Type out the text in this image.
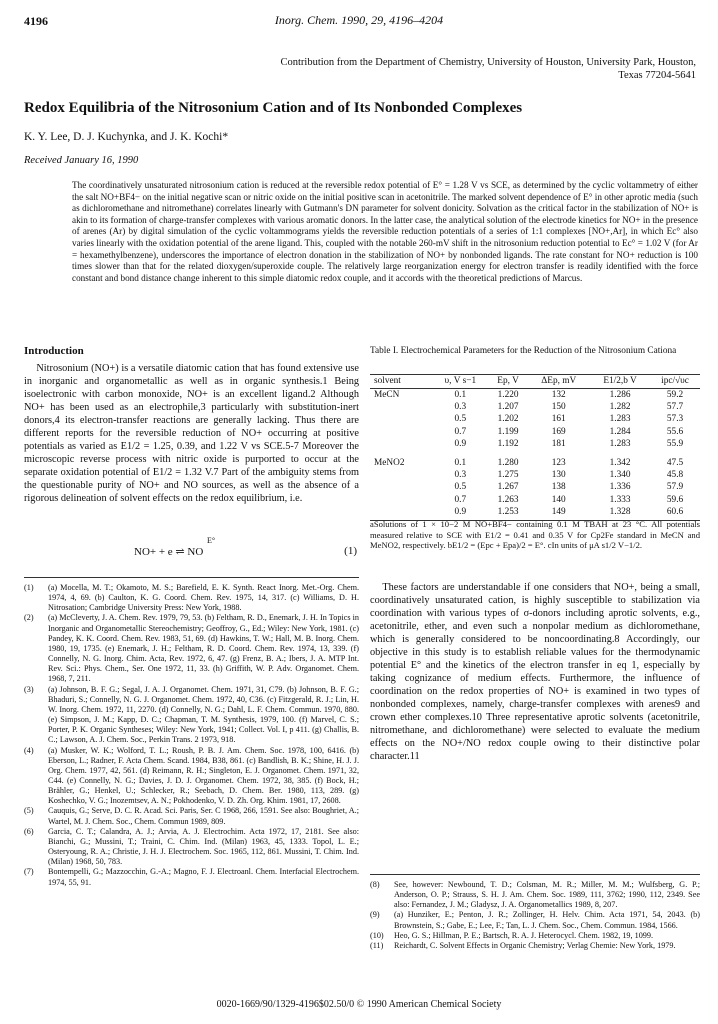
4196	Inorg. Chem. 1990, 29, 4196–4204
Contribution from the Department of Chemistry, University of Houston, University Park, Houston, Texas 77204-5641
Redox Equilibria of the Nitrosonium Cation and of Its Nonbonded Complexes
K. Y. Lee, D. J. Kuchynka, and J. K. Kochi*
Received January 16, 1990
The coordinatively unsaturated nitrosonium cation is reduced at the reversible redox potential of E° = 1.28 V vs SCE, as determined by the cyclic voltammetry of either the salt NO+BF4− on the initial negative scan or nitric oxide on the initial positive scan in acetonitrile. The marked solvent dependence of E° in other aprotic media (such as dichloromethane and nitromethane) correlates linearly with Gutmann's DN parameter for solvent donicity. Solvation as the critical factor in the stabilization of NO+ is akin to its formation of charge-transfer complexes with various aromatic donors. In the latter case, the analytical solution of the electrode kinetics for NO+ in the presence of arenes (Ar) by digital simulation of the cyclic voltammograms yields the reversible reduction potentials of a series of 1:1 complexes [NO+,Ar], in which Ec° also varies linearly with the oxidation potential of the arene ligand. This, coupled with the notable 260-mV shift in the nitrosonium reduction potential to Ec° = 1.02 V (for Ar = hexamethylbenzene), underscores the importance of electron donation in the stabilization of NO+ by nonbonded ligands. The rate constant for NO+ reduction is 100 times slower than that for the related dioxygen/superoxide couple. The relatively large reorganization energy for electron transfer is readily identified with the force constant and bond distance change inherent to this simple diatomic redox couple, and it accords with the theoretical predictions of Marcus.
Introduction
Nitrosonium (NO+) is a versatile diatomic cation that has found extensive use in inorganic and organometallic as well as in organic synthesis.1 Being isoelectronic with carbon monoxide, NO+ is an excellent ligand.2 Although NO+ has been used as an electrophile,3 particularly with substitution-inert donors,4 its electron-transfer reactions are generally lacking. Thus there are different reports for the reversible reduction of NO+ occurring at positive potentials as varied as E1/2 = 1.25, 0.39, and 1.22 V vs SCE.5-7 Moreover the microscopic reverse process with nitric oxide is purported to occur at the separate oxidation potential of E1/2 = 1.32 V.7 Part of the ambiguity stems from the questionable purity of NO+ and NO sources, as well as the absence of a rigorous delineation of solvent effects on the redox equilibrium, i.e.
E°
NO+ + e ⇌ NO	(1)

(1) (a) Mocella, M. T.; Okamoto, M. S.; Barefield, E. K. Synth. React Inorg. Met.-Org. Chem. 1974, 4, 69. (b) Caulton, K. G. Coord. Chem. Rev. 1975, 14, 317. (c) Williams, D. H. Nitrosation; Cambridge University Press: New York, 1988.

(2) (a) McCleverty, J. A. Chem. Rev. 1979, 79, 53. (b) Feltham, R. D., Enemark, J. H. In Topics in Inorganic and Organometallic Stereochemistry; Geoffroy, G., Ed.; Wiley: New York, 1981. (c) Pandey, K. K. Coord. Chem. Rev. 1983, 51, 69. (d) Hawkins, T. W.; Hall, M. B. Inorg. Chem. 1980, 19, 1735. (e) Enemark, J. H.; Feltham, R. D. Coord. Chem. Rev. 1974, 13, 339. (f) Connelly, N. G. Inorg. Chim. Acta, Rev. 1972, 6, 47. (g) Frenz, B. A.; Ibers, J. A. MTP Int. Rev. Sci.: Phys. Chem., Ser. One 1972, 11, 33. (h) Griffith, W. P. Adv. Organomet. Chem. 1968, 7, 211.

(3) (a) Johnson, B. F. G.; Segal, J. A. J. Organomet. Chem. 1971, 31, C79. (b) Johnson, B. F. G.; Bhaduri, S.; Connelly, N. G. J. Organomet. Chem. 1972, 40, C36. (c) Fitzgerald, R. J.; Lin, H. W. Inorg. Chem. 1972, 11, 2270. (d) Connelly, N. G.; Dahl, L. F. Chem. Commun. 1970, 880. (e) Simpson, J. M.; Kapp, D. C.; Chapman, T. M. Synthesis, 1979, 100. (f) Marvel, C. S.; Porter, P. K. Organic Syntheses; Wiley: New York, 1941; Collect. Vol. I, p 411. (g) Challis, B. C.; Lawson, A. J. Chem. Soc., Perkin Trans. 2 1973, 918.

(4) (a) Musker, W. K.; Wolford, T. L.; Roush, P. B. J. Am. Chem. Soc. 1978, 100, 6416. (b) Eberson, L.; Radner, F. Acta Chem. Scand. 1984, B38, 861. (c) Bandlish, B. K.; Shine, H. J. J. Org. Chem. 1977, 42, 561. (d) Reimann, R. H.; Singleton, E. J. Organomet. Chem. 1971, 32, C44. (e) Connelly, N. G.; Davies, J. D. J. Organomet. Chem. 1972, 38, 385. (f) Bock, H.; Brähler, G.; Henkel, U.; Schlecker, R.; Seebach, D. Chem. Ber. 1980, 113, 289. (g) Koshechko, V. G.; Inozemtsev, A. N.; Pokhodenko, V. D. Zh. Org. Khim. 1981, 17, 2608.

(5) Cauquis, G.; Serve, D. C. R. Acad. Sci. Paris, Ser. C 1968, 266, 1591. See also: Boughriet, A.; Wartel, M. J. Chem. Soc., Chem. Commun 1989, 809.

(6) Garcia, C. T.; Calandra, A. J.; Arvia, A. J. Electrochim. Acta 1972, 17, 2181. See also: Bianchi, G.; Mussini, T.; Traini, C. Chim. Ind. (Milan) 1963, 45, 1333. Topol, L. E.; Osteryoung, R. A.; Christie, J. H. J. Electrochem. Soc. 1965, 112, 861. Mussini, T. Chim. Ind. (Milan) 1968, 50, 783.

(7) Bontempelli, G.; Mazzocchin, G.-A.; Magno, F. J. Electroanl. Chem. Interfacial Electrochem. 1974, 55, 91.

Table I. Electrochemical Parameters for the Reduction of the Nitrosonium Cationa
solvent	υ, V s−1	Ep, V	ΔEp, mV	E1/2,b V	ipc/√υc
MeCN	0.1	1.220	132	1.286	59.2
	0.3	1.207	150	1.282	57.7
	0.5	1.202	161	1.283	57.3
	0.7	1.199	169	1.284	55.6
	0.9	1.192	181	1.283	55.9
MeNO2	0.1	1.280	123	1.342	47.5
	0.3	1.275	130	1.340	45.8
	0.5	1.267	138	1.336	57.9
	0.7	1.263	140	1.333	59.6
	0.9	1.253	149	1.328	60.6
aSolutions of 1 × 10−2 M NO+BF4− containing 0.1 M TBAH at 23 °C. All potentials measured relative to SCE with E1/2 = 0.41 and 0.35 V for Cp2Fe standard in MeCN and MeNO2, respectively. bE1/2 = (Epc + Epa)/2 = E°. cIn units of μA s1/2 V−1/2.
These factors are understandable if one considers that NO+, being a small, coordinatively unsaturated cation, is highly susceptible to stabilization via coordination with various types of σ-donors including aprotic solvents, e.g., acetonitrile, ether, and even such a nonpolar medium as dichloromethane, which is generally considered to be noncoordinating.8 Accordingly, our objective in this study is to establish reliable values for the thermodynamic potential E° and the kinetics of the electron transfer in eq 1, especially by taking cognizance of medium effects. Furthermore, the influence of coordination on the redox properties of NO+ is examined in two types of nonbonded complexes, namely, charge-transfer complexes with arenes9 and crown ether complexes.10 Three representative aprotic solvents (acetonitrile, nitromethane, and dichloromethane) were selected to evaluate the medium effects on the NO+/NO redox couple owing to their distinctive polar character.11

(8) See, however: Newbound, T. D.; Colsman, M. R.; Miller, M. M.; Wulfsberg, G. P.; Anderson, O. P.; Strauss, S. H. J. Am. Chem. Soc. 1989, 111, 3762; 1990, 112, 2349. See also: Fernandez, J. M.; Gladysz, J. A. Organometallics 1989, 8, 207.

(9) (a) Hunziker, E.; Penton, J. R.; Zollinger, H. Helv. Chim. Acta 1971, 54, 2043. (b) Brownstein, S.; Gabe, E.; Lee, F.; Tan, L. J. Chem. Soc., Chem. Commun. 1984, 1566.

(10) Heo, G. S.; Hillman, P. E.; Bartsch, R. A. J. Heterocycl. Chem. 1982, 19, 1099.

(11) Reichardt, C. Solvent Effects in Organic Chemistry; Verlag Chemie: New York, 1979.

0020-1669/90/1329-4196$02.50/0 © 1990 American Chemical Society
